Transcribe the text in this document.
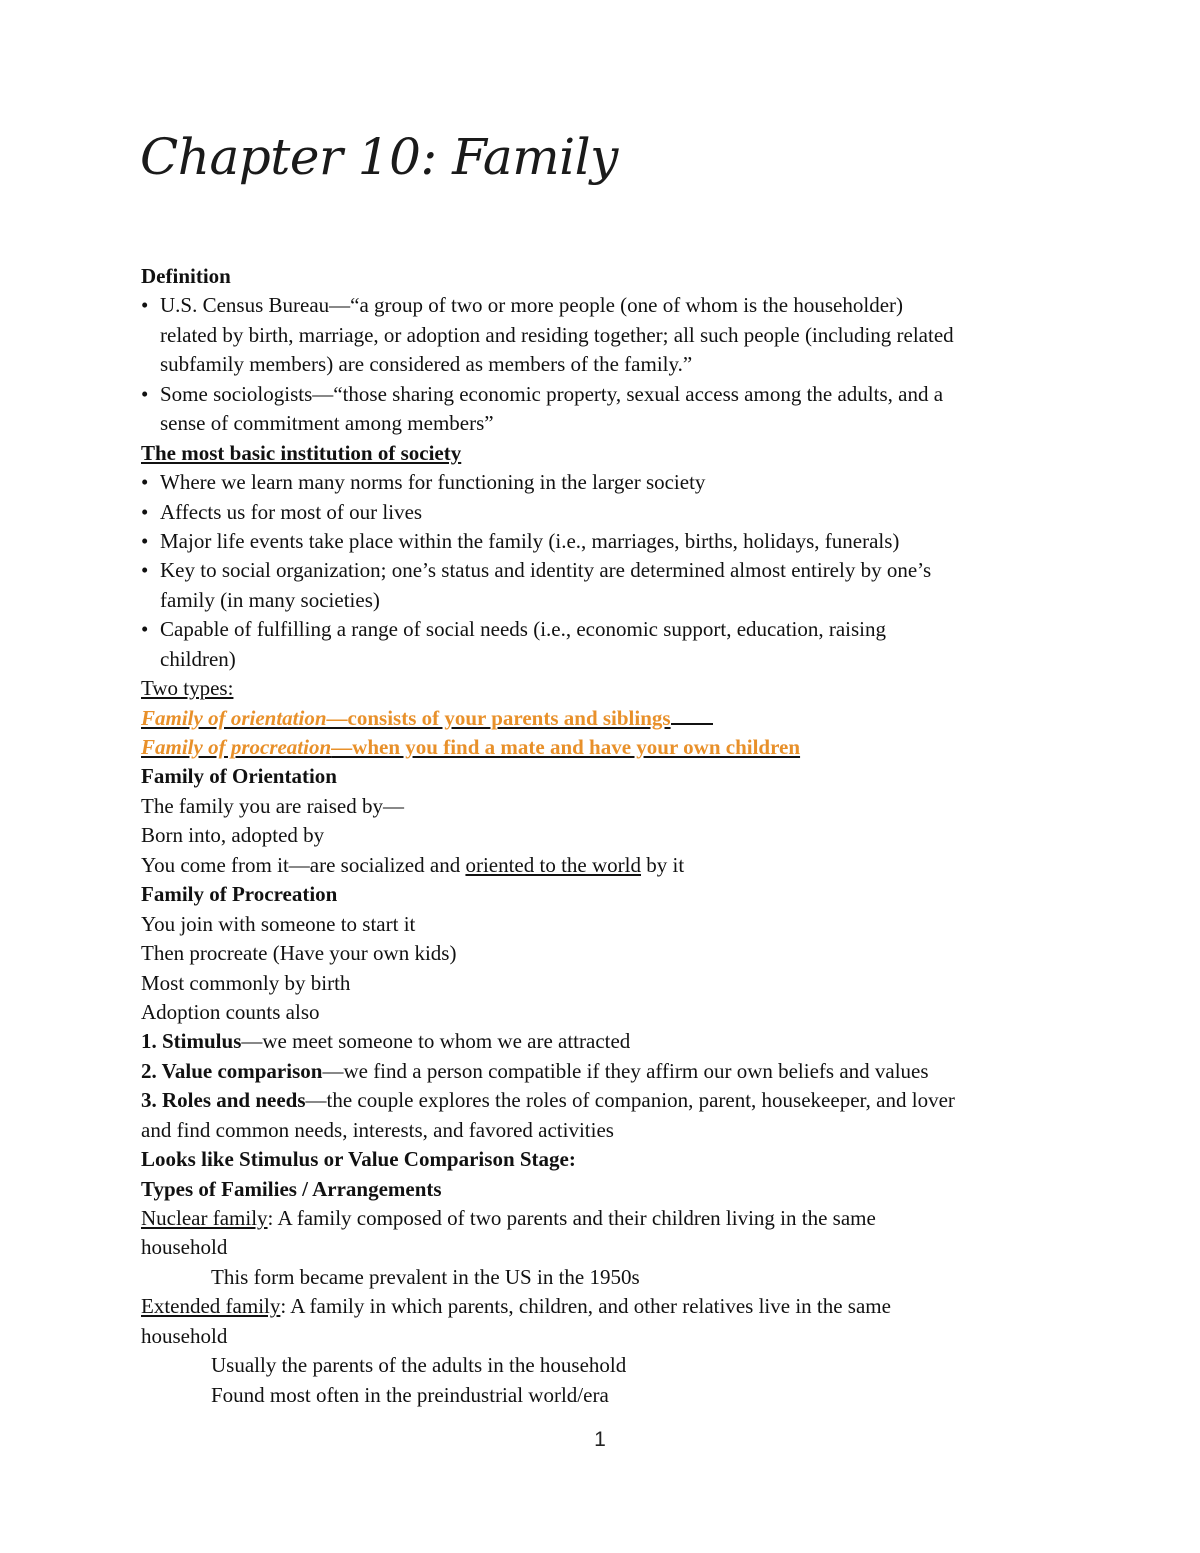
Chapter 10: Family
Definition
• U.S. Census Bureau—“a group of two or more people (one of whom is the householder)
related by birth, marriage, or adoption and residing together; all such people (including related
subfamily members) are considered as members of the family.”
• Some sociologists—“those sharing economic property, sexual access among the adults, and a
sense of commitment among members”
The most basic institution of society
• Where we learn many norms for functioning in the larger society
• Affects us for most of our lives
• Major life events take place within the family (i.e., marriages, births, holidays, funerals)
• Key to social organization; one’s status and identity are determined almost entirely by one’s
family (in many societies)
• Capable of fulfilling a range of social needs (i.e., economic support, education, raising
children)
Two types:
Family of orientation—consists of your parents and siblings
Family of procreation—when you find a mate and have your own children
Family of Orientation
The family you are raised by—
Born into, adopted by
You come from it—are socialized and oriented to the world by it
Family of Procreation
You join with someone to start it
Then procreate (Have your own kids)
Most commonly by birth
Adoption counts also
1. Stimulus—we meet someone to whom we are attracted
2. Value comparison—we find a person compatible if they affirm our own beliefs and values
3. Roles and needs—the couple explores the roles of companion, parent, housekeeper, and lover
and find common needs, interests, and favored activities
Looks like Stimulus or Value Comparison Stage:
Types of Families / Arrangements
Nuclear family: A family composed of two parents and their children living in the same
household
This form became prevalent in the US in the 1950s
Extended family: A family in which parents, children, and other relatives live in the same
household
Usually the parents of the adults in the household
Found most often in the preindustrial world/era
1
